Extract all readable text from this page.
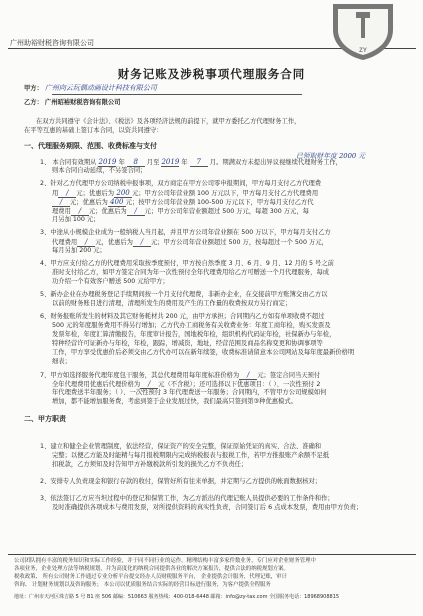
广州助裕财税咨询有限公司
ZY
财务记账及涉税事项代理服务合同
甲方： 广州向云玩偶动画设计科技有限公司
乙方： 广州昭裕财税咨询有限公司
在双方共同遵守《会计法》、《税法》及各项经济法规的前提下，就甲方委托乙方代理财务工作，
在平等互惠的基础上签订本合同，以资共同遵守：
一、代理服务期限、范围、收费标准与支付
1、 本合同有效期从 2019 年 8 月至 2019 年 7 月。期满双方未提出异议视继续代理财务工作，
则本合同自动延续，不另签合同；
已领取财年度 2000 元
2、针对乙方代理甲方公司纳税申报事项，双方商定在甲方公司零申报期间，甲方每月支付乙方代理费
用 / 元；优惠后为 200 元；甲方公司年营业额 100 万元以下，甲方每月支付乙方代理费用
/ 元；优惠后为 400 元；按甲方公司年营业额 100-500 万元以下，甲方每月支付乙方代
理费用 / 元；优惠后为 / 元；甲方公司年营业额超过 500 万元，每超 300 万元，每
月另加 100 元；
3、中途从小规模企业成为一般纳税人当月起，并且甲方公司年营业额在 500 万以下，甲方每月支付乙方
代理费用 / 元，优惠后为 / 元；甲方公司年营业额超过 500 万，按每超过一个 500 万元，
每月另加 200 元；
4、甲方应支付给乙方的代理费用采取按季度预付，甲方按自然季度 3 月、6 月、9 月、12 月的 5 号之前
准时支付给乙方，如甲方签定合同为年一次性预付全年代理费用给乙方可赠送一个月代理服务，每成
功介绍一个有效客户赠送 500 元给甲方；
5、新办企业在办理税务登记手续期间按一个月支付代理费，非新办企业，在交接前甲方账簿交由乙方以
以前的财务账目进行清理，清理所发生的费用及产生的工作量的收费按双方另行商定；
6、财务报账所发生的材料及其它财务耗材共 200 元，由甲方承担；合同期内乙方如有单项收费不超过
500 元的年度服务费用不得另行增加；乙方代办工商税务有关收费业务：年度工商年检，购买发票及
发票年检，年度汇算清缴报告，年度审计报告，国地税年检，组织机构代码证年检，社保新办与年检，
特种经营许可证新办与年检，年检，跟踪，增减资，地址，经营范围及商品名称变更和协调事项等
工作，甲方享受优惠价后必须交由乙方代办可以在新年续签，收费标准请留意本公司网站及每年度最新价格明
细表；
7、甲方如选择服务代理年度包干服务，其总代理费用每年度标准价格为 / 元；签定合同当天预付
全年代理费用优惠后代理价格为 / 元（不含税）；还可选择以下优惠项目：（ ）、一次性预付 2
年代理费送半年服务；（ ）、一次性预付 3 年代理费送一年服务；合同期内，不管甲方公司规模如何
增加，都不能增加服务费，考虑到签于企业发展过快，我们最高只签到第③种优惠模式。
二、甲方职责
1、建立和健全企业管理制度，依法经营，保证资产的安全完整，保证原始凭证的真实、合法、准确和
完整；以便乙方能及时能精与每月报税期限内完成纳税报表与报税工作，若甲方推报账产余额不足抵
扣税款，乙方须知及时告知甲方补缴税款所引发的损失乙方不负责任；
2、安排专人负责现金和银行存款的收付，保管好所有往来单据，并定期与乙方提供的帐面数据核对；
3、依法签订乙方应当坦过程中的登记和保管工作，为乙方派出的代理记账人员提供必要的工作条件和作；
及时准确提供各项成本与费用发票，对所提供资料的真实性负责，合同签订后 6 点成本发票，费用由甲方负责；
公司团队拥有丰富的税务知识和实际工作经验，并于同不同行业的运作，精理结构丰富多家件数业务，专门应对企业财务管理中
各项业务，企业处理方法等纳税规划，并为高度化的纳税合同提供各业的解决方案报告，提供合法的纳税规划方案。
税收政策、 所有公司财务工作通过专业分析平台提交经办人员财税服务平台， 企业提供会计服务，代理记账，审计
咨询、 计划财务规划以及咨询服务； 本公司以优质服务结合实际的经营目标进行服务，为客户提供全程服务
地址：广州市天河区珠吉路 5 号 B1 座 506 邮编：510663 服务热线：400-018-6448 邮箱：info@zy-tax.com 全国服务电话：18968908815
